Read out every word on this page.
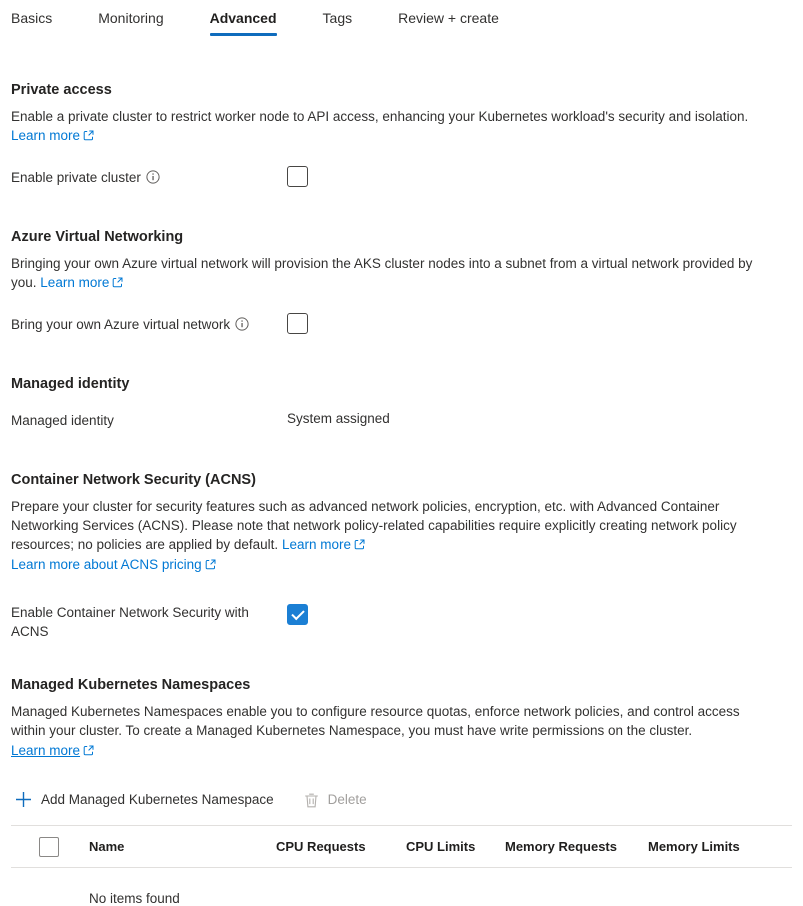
Basics	Monitoring	Advanced	Tags	Review + create
Private access
Enable a private cluster to restrict worker node to API access, enhancing your Kubernetes workload's security and isolation. Learn more
Enable private cluster
Azure Virtual Networking
Bringing your own Azure virtual network will provision the AKS cluster nodes into a subnet from a virtual network provided by you. Learn more
Bring your own Azure virtual network
Managed identity
Managed identity	System assigned
Container Network Security (ACNS)
Prepare your cluster for security features such as advanced network policies, encryption, etc. with Advanced Container Networking Services (ACNS). Please note that network policy-related capabilities require explicitly creating network policy resources; no policies are applied by default. Learn more
Learn more about ACNS pricing
Enable Container Network Security with ACNS
Managed Kubernetes Namespaces
Managed Kubernetes Namespaces enable you to configure resource quotas, enforce network policies, and control access within your cluster. To create a Managed Kubernetes Namespace, you must have write permissions on the cluster.
Learn more
Add Managed Kubernetes Namespace	Delete
Name	CPU Requests	CPU Limits	Memory Requests	Memory Limits
No items found
